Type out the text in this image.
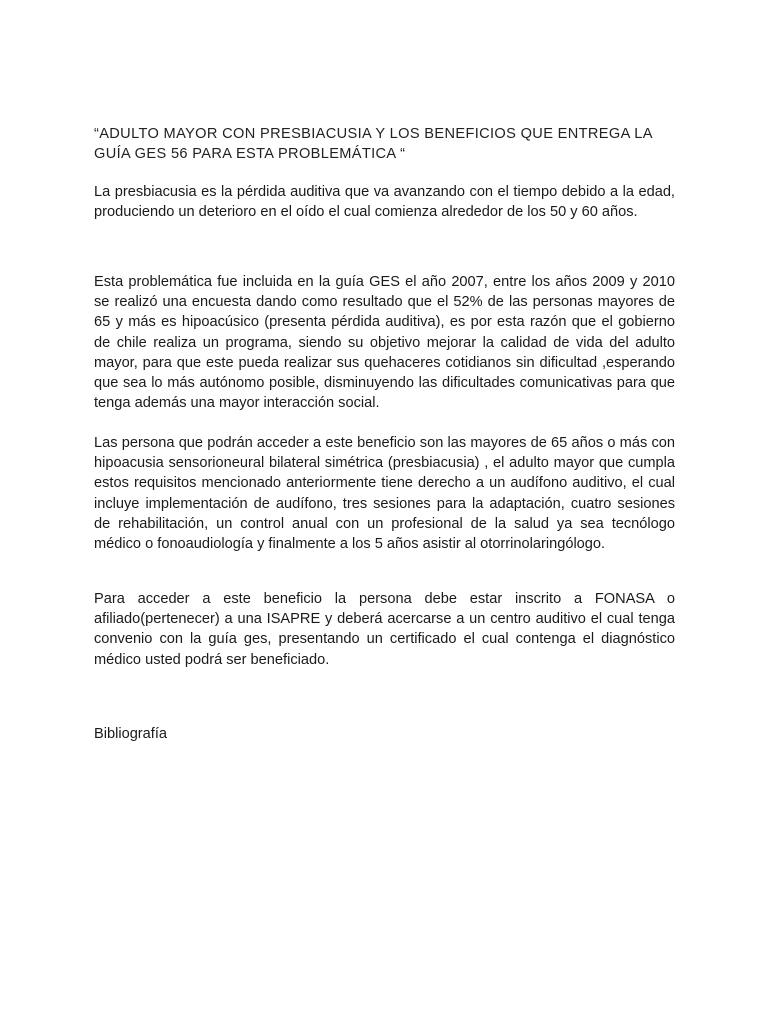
“ADULTO MAYOR CON PRESBIACUSIA Y LOS BENEFICIOS QUE ENTREGA LA GUÍA GES 56 PARA ESTA PROBLEMÁTICA “

La presbiacusia es la pérdida auditiva que va avanzando con el tiempo debido a la edad, produciendo un deterioro en el oído el cual comienza alrededor de los 50 y 60 años.

Esta problemática fue incluida en la guía GES el año 2007, entre los años 2009 y 2010 se realizó una encuesta dando como resultado que el 52% de las personas mayores de 65 y más es hipoacúsico (presenta pérdida auditiva), es por esta razón que el gobierno de chile realiza un programa, siendo su objetivo mejorar la calidad de vida del adulto mayor, para que este pueda realizar sus quehaceres cotidianos sin dificultad ,esperando que sea lo más autónomo posible, disminuyendo las dificultades comunicativas para que tenga además una mayor interacción social.

Las persona que podrán acceder a este beneficio son las mayores de 65 años o más con hipoacusia sensorioneural bilateral simétrica (presbiacusia) , el adulto mayor que cumpla estos requisitos mencionado anteriormente tiene derecho a un audífono auditivo, el cual incluye implementación de audífono, tres sesiones para la adaptación, cuatro sesiones de rehabilitación, un control anual con un profesional de la salud ya sea tecnólogo médico o fonoaudiología y finalmente a los 5 años asistir al otorrinolaringólogo.

Para acceder a este beneficio la persona debe estar inscrito a FONASA o afiliado(pertenecer) a una ISAPRE y deberá acercarse a un centro auditivo el cual tenga convenio con la guía ges, presentando un certificado el cual contenga el diagnóstico médico usted podrá ser beneficiado.

Bibliografía
